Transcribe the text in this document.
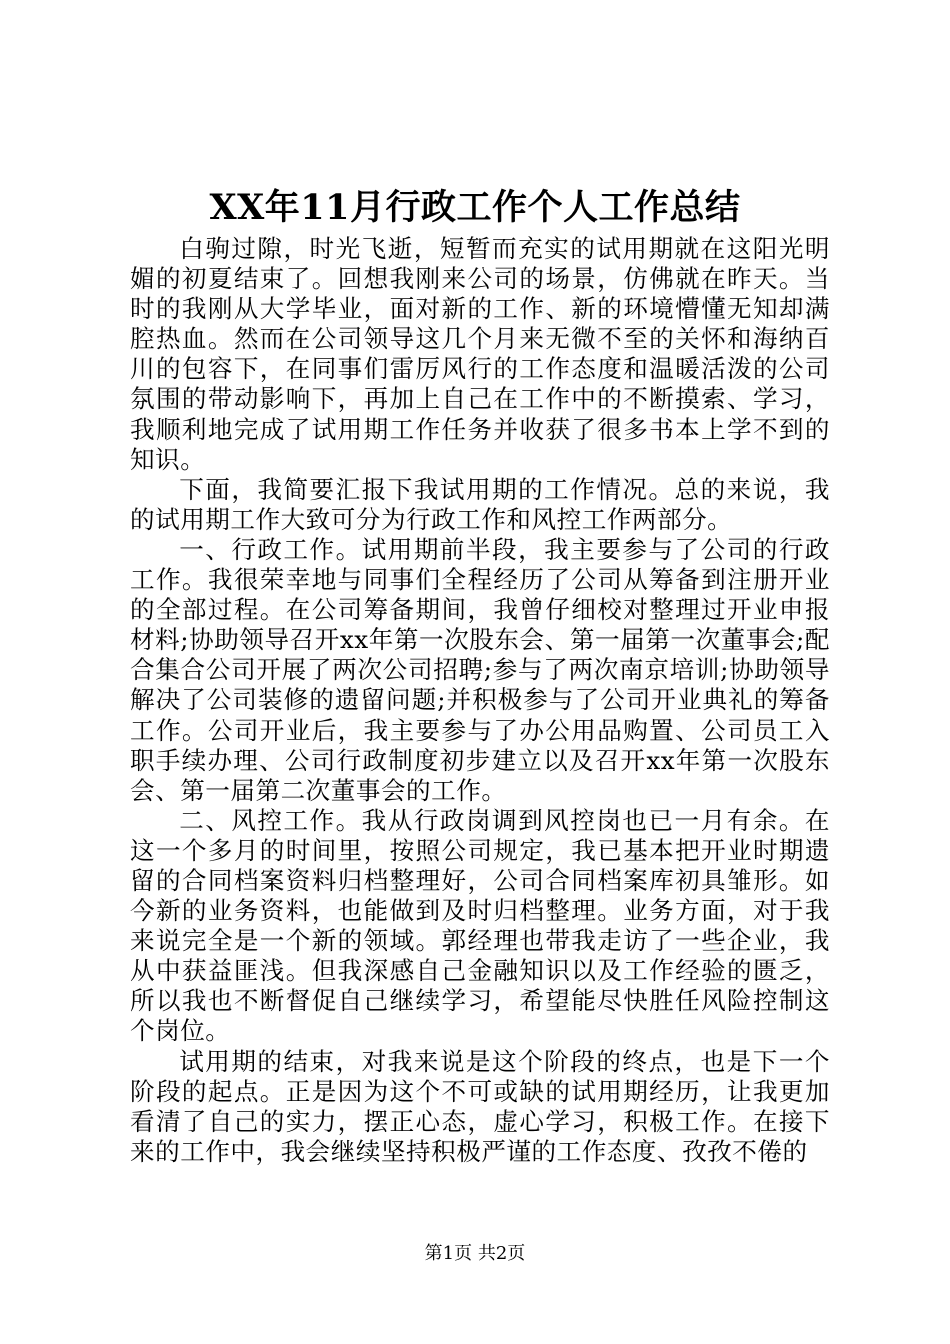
XX年11月行政工作个人工作总结

白驹过隙，时光飞逝，短暂而充实的试用期就在这阳光明媚的初夏结束了。回想我刚来公司的场景，仿佛就在昨天。当时的我刚从大学毕业，面对新的工作、新的环境懵懂无知却满腔热血。然而在公司领导这几个月来无微不至的关怀和海纳百川的包容下，在同事们雷厉风行的工作态度和温暖活泼的公司氛围的带动影响下，再加上自己在工作中的不断摸索、学习，我顺利地完成了试用期工作任务并收获了很多书本上学不到的知识。

下面，我简要汇报下我试用期的工作情况。总的来说，我的试用期工作大致可分为行政工作和风控工作两部分。

一、行政工作。试用期前半段，我主要参与了公司的行政工作。我很荣幸地与同事们全程经历了公司从筹备到注册开业的全部过程。在公司筹备期间，我曾仔细校对整理过开业申报材料;协助领导召开xx年第一次股东会、第一届第一次董事会;配合集合公司开展了两次公司招聘;参与了两次南京培训;协助领导解决了公司装修的遗留问题;并积极参与了公司开业典礼的筹备工作。公司开业后，我主要参与了办公用品购置、公司员工入职手续办理、公司行政制度初步建立以及召开xx年第一次股东会、第一届第二次董事会的工作。

二、风控工作。我从行政岗调到风控岗也已一月有余。在这一个多月的时间里，按照公司规定，我已基本把开业时期遗留的合同档案资料归档整理好，公司合同档案库初具雏形。如今新的业务资料，也能做到及时归档整理。业务方面，对于我来说完全是一个新的领域。郭经理也带我走访了一些企业，我从中获益匪浅。但我深感自己金融知识以及工作经验的匮乏，所以我也不断督促自己继续学习，希望能尽快胜任风险控制这个岗位。

试用期的结束，对我来说是这个阶段的终点，也是下一个阶段的起点。正是因为这个不可或缺的试用期经历，让我更加看清了自己的实力，摆正心态，虚心学习，积极工作。在接下来的工作中，我会继续坚持积极严谨的工作态度、孜孜不倦的

第1页 共2页
